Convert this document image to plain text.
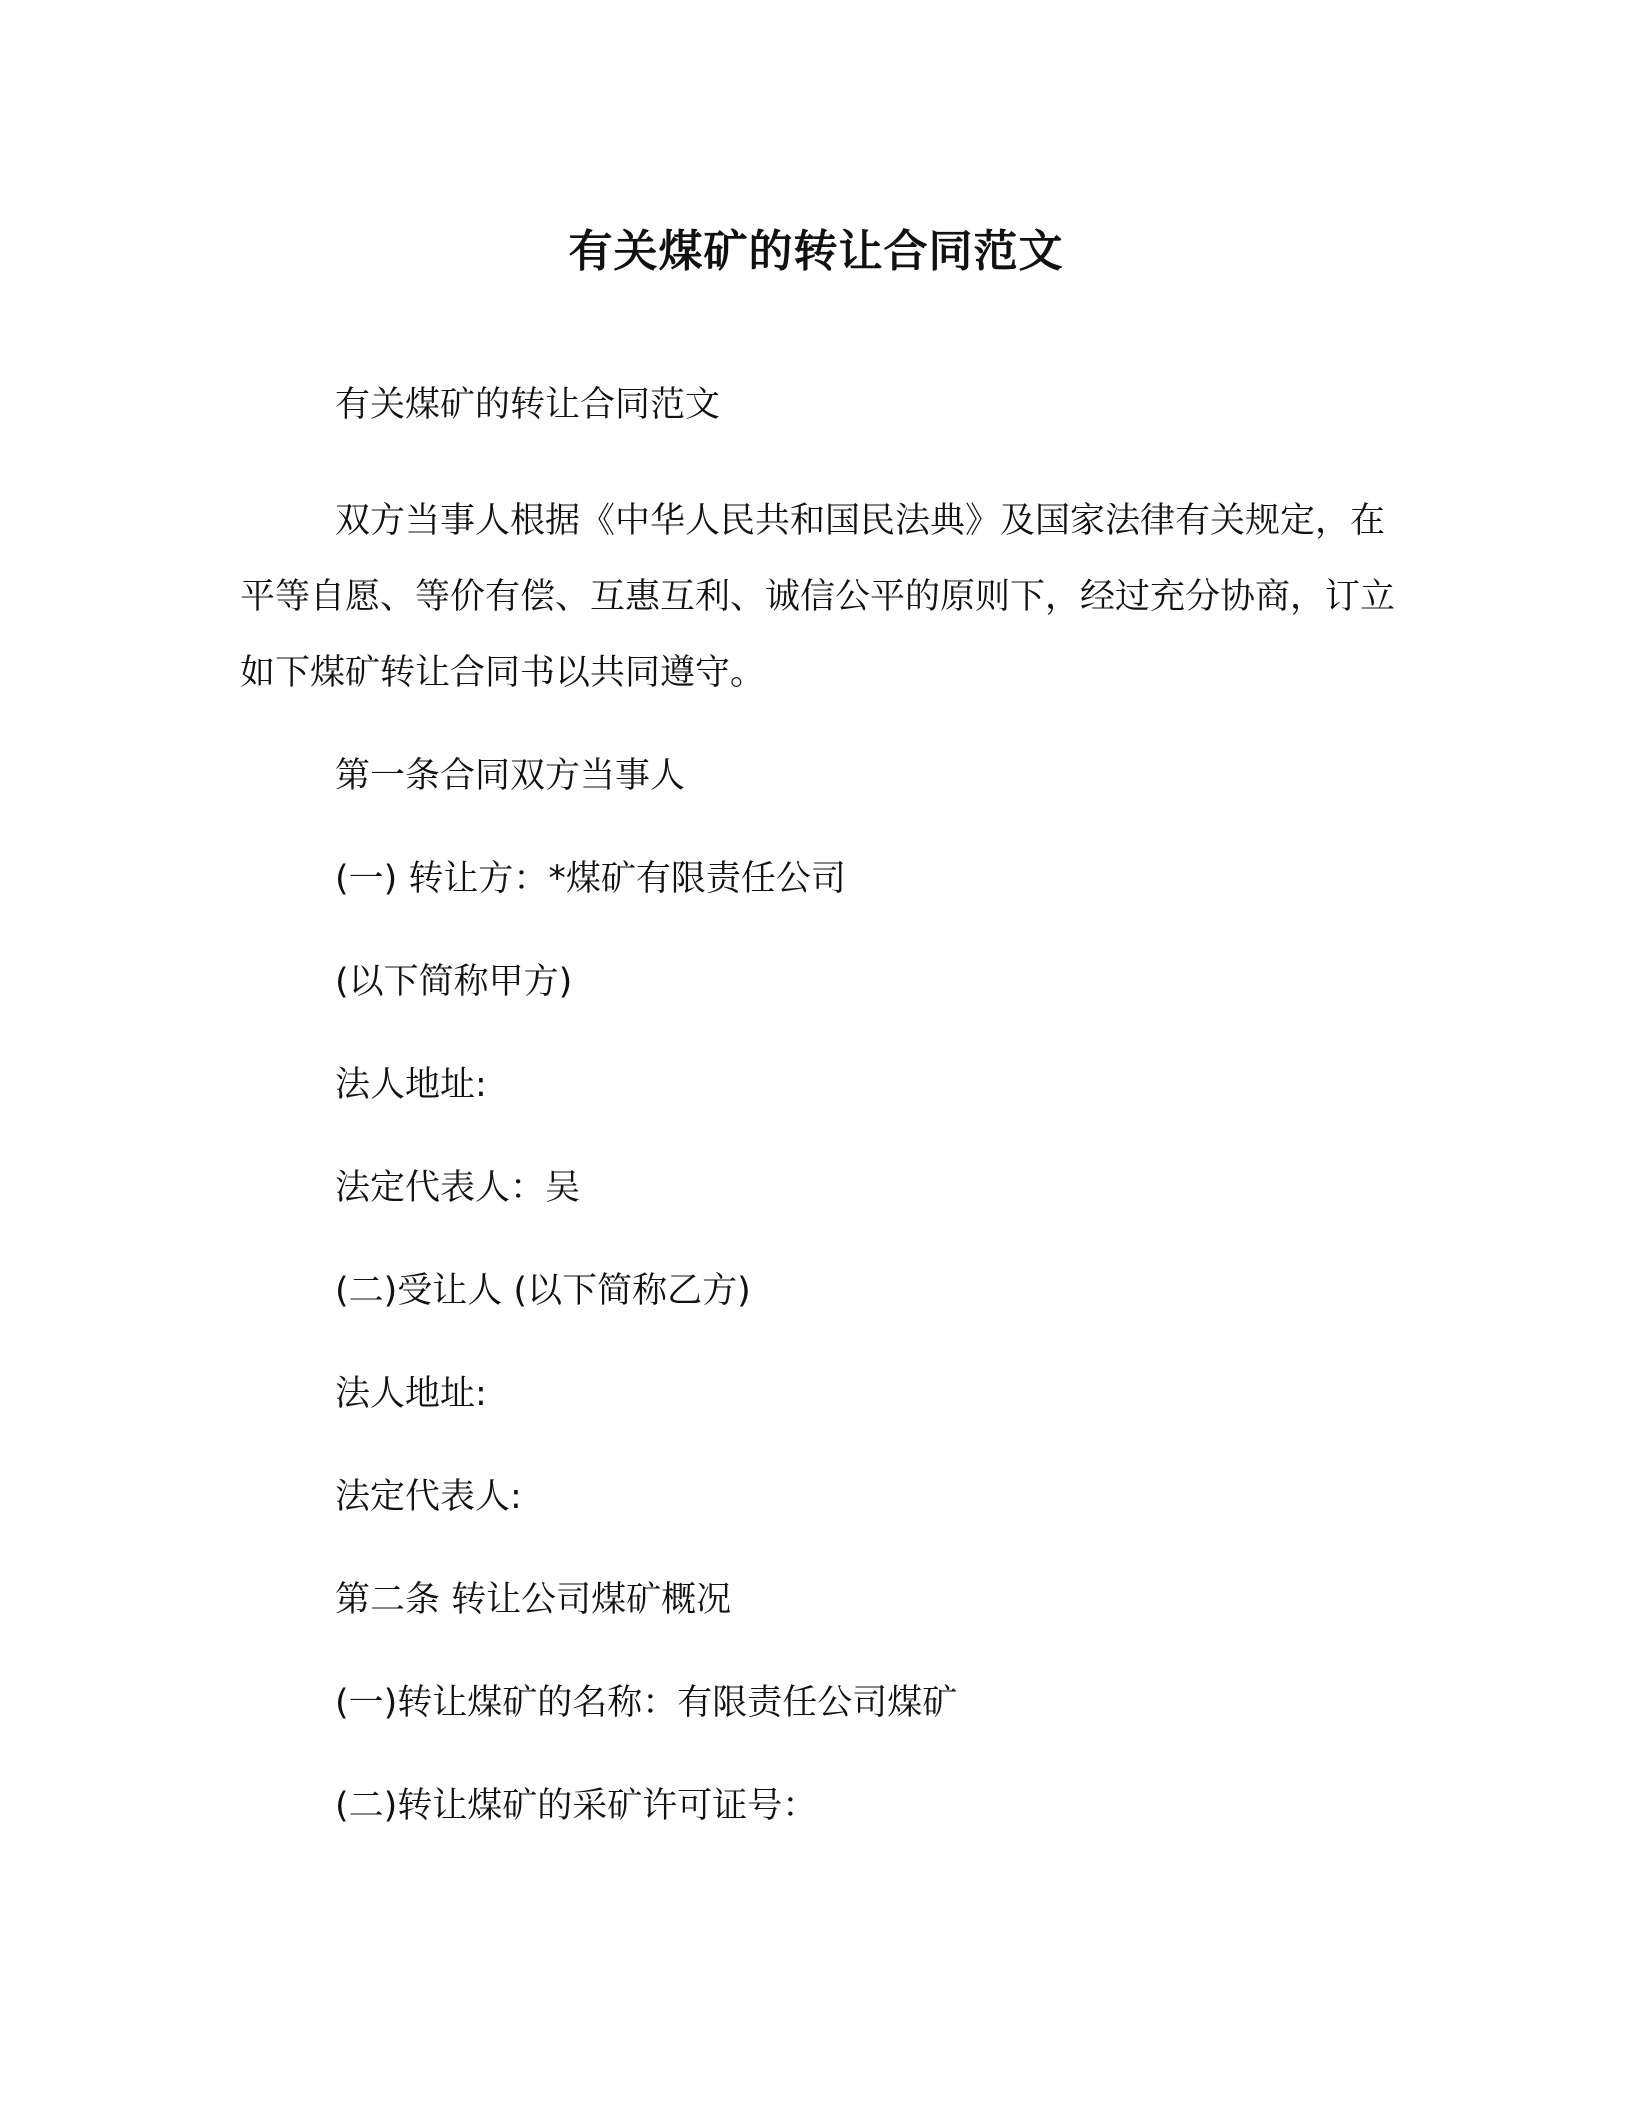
有关煤矿的转让合同范文

有关煤矿的转让合同范文

双方当事人根据《中华人民共和国民法典》及国家法律有关规定，在平等自愿、等价有偿、互惠互利、诚信公平的原则下，经过充分协商，订立如下煤矿转让合同书以共同遵守。

第一条合同双方当事人

(一) 转让方：*煤矿有限责任公司

(以下简称甲方)

法人地址:

法定代表人：吴

(二)受让人 (以下简称乙方)

法人地址:

法定代表人:

第二条 转让公司煤矿概况

(一)转让煤矿的名称：有限责任公司煤矿

(二)转让煤矿的采矿许可证号：
